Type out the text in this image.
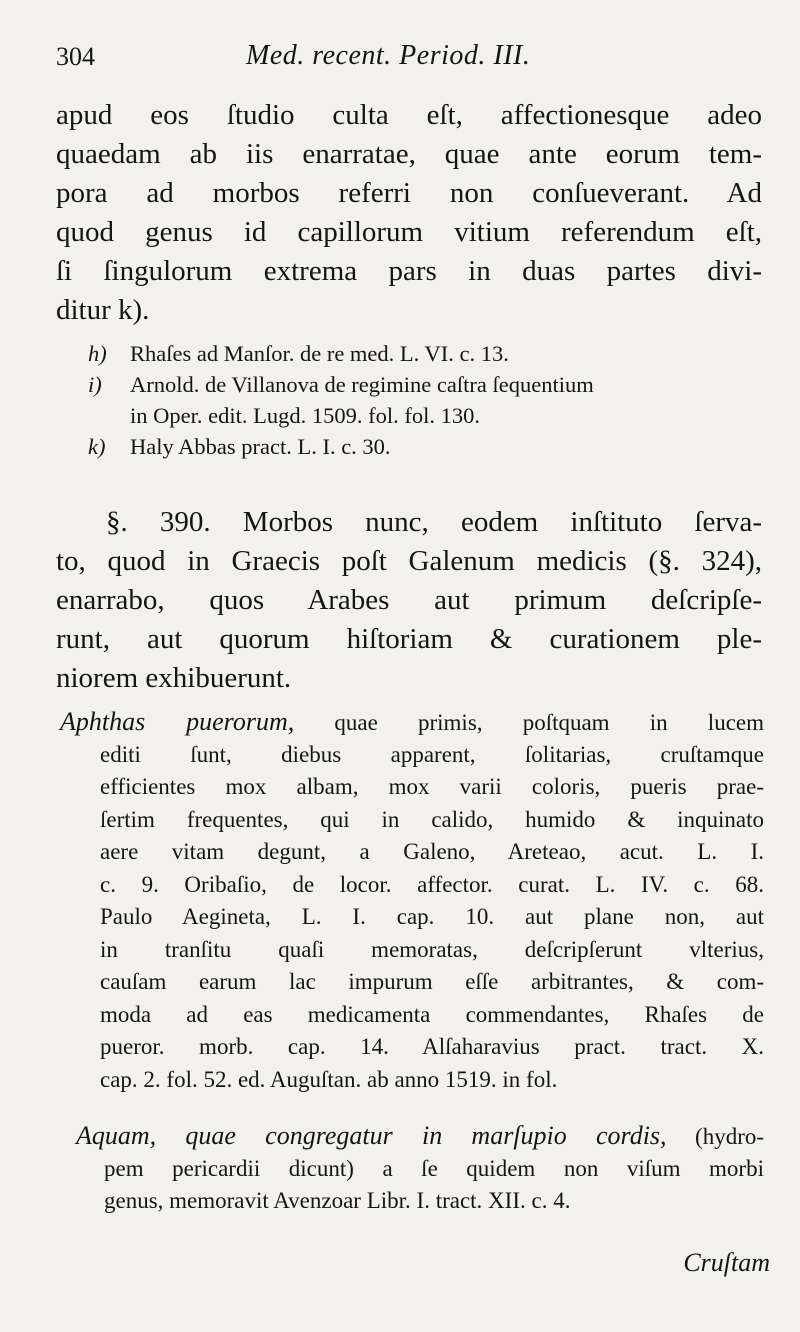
304	Med. recent. Period. III.
apud eos ſtudio culta eſt, affectionesque adeo
quaedam ab iis enarratae, quae ante eorum tem-
pora ad morbos referri non conſueverant. Ad
quod genus id capillorum vitium referendum eſt,
ſi ſingulorum extrema pars in duas partes divi-
ditur k).
h) Rhaſes ad Manſor. de re med. L. VI. c. 13.
i) Arnold. de Villanova de regimine caſtra ſequentium
in Oper. edit. Lugd. 1509. fol. fol. 130.
k) Haly Abbas pract. L. I. c. 30.
§. 390. Morbos nunc, eodem inſtituto ſerva-
to, quod in Graecis poſt Galenum medicis (§. 324),
enarrabo, quos Arabes aut primum deſcripſe-
runt, aut quorum hiſtoriam & curationem ple-
niorem exhibuerunt.
Aphthas puerorum, quae primis, poſtquam in lucem
editi ſunt, diebus apparent, ſolitarias, cruſtamque
efficientes mox albam, mox varii coloris, pueris prae-
ſertim frequentes, qui in calido, humido & inquinato
aere vitam degunt, a Galeno, Areteao, acut. L. I.
c. 9. Oribaſio, de locor. affector. curat. L. IV. c. 68.
Paulo Aegineta, L. I. cap. 10. aut plane non, aut
in tranſitu quaſi memoratas, deſcripſerunt vlterius,
cauſam earum lac impurum eſſe arbitrantes, & com-
moda ad eas medicamenta commendantes, Rhaſes de
pueror. morb. cap. 14. Alſaharavius pract. tract. X.
cap. 2. fol. 52. ed. Auguſtan. ab anno 1519. in fol.
Aquam, quae congregatur in marſupio cordis, (hydro-
pem pericardii dicunt) a ſe quidem non viſum morbi
genus, memoravit Avenzoar Libr. I. tract. XII. c. 4.
Cruſtam
